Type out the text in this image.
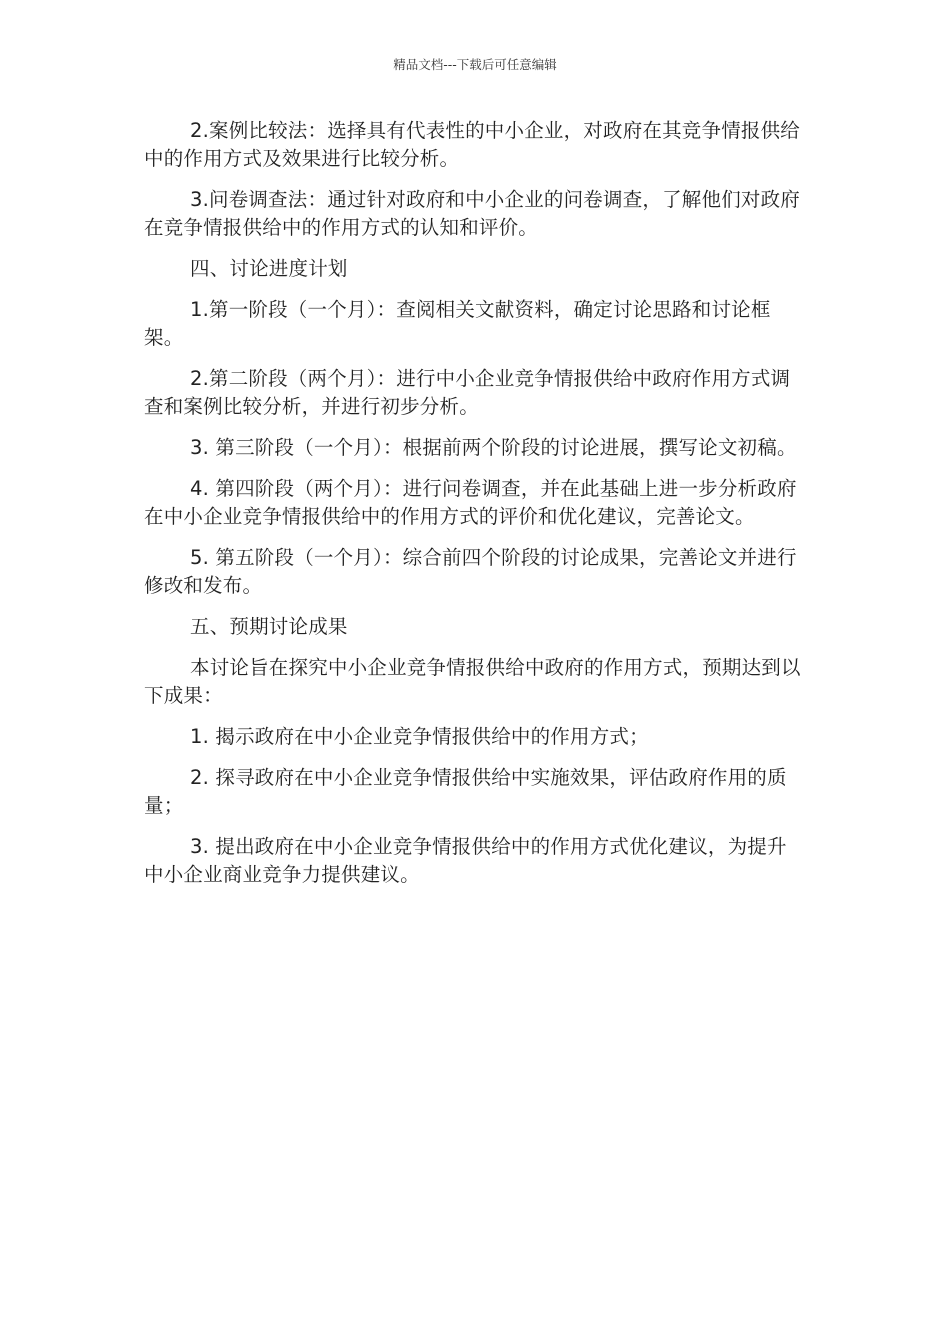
精品文档---下载后可任意编辑

2.案例比较法：选择具有代表性的中小企业，对政府在其竞争情报供给中的作用方式及效果进行比较分析。

3.问卷调查法：通过针对政府和中小企业的问卷调查，了解他们对政府在竞争情报供给中的作用方式的认知和评价。

四、讨论进度计划

1.第一阶段（一个月）：查阅相关文献资料，确定讨论思路和讨论框架。

2.第二阶段（两个月）：进行中小企业竞争情报供给中政府作用方式调查和案例比较分析，并进行初步分析。

3. 第三阶段（一个月）：根据前两个阶段的讨论进展，撰写论文初稿。

4. 第四阶段（两个月）：进行问卷调查，并在此基础上进一步分析政府在中小企业竞争情报供给中的作用方式的评价和优化建议，完善论文。

5. 第五阶段（一个月）：综合前四个阶段的讨论成果，完善论文并进行修改和发布。

五、预期讨论成果

本讨论旨在探究中小企业竞争情报供给中政府的作用方式，预期达到以下成果：

1. 揭示政府在中小企业竞争情报供给中的作用方式；

2. 探寻政府在中小企业竞争情报供给中实施效果，评估政府作用的质量；

3. 提出政府在中小企业竞争情报供给中的作用方式优化建议，为提升中小企业商业竞争力提供建议。
